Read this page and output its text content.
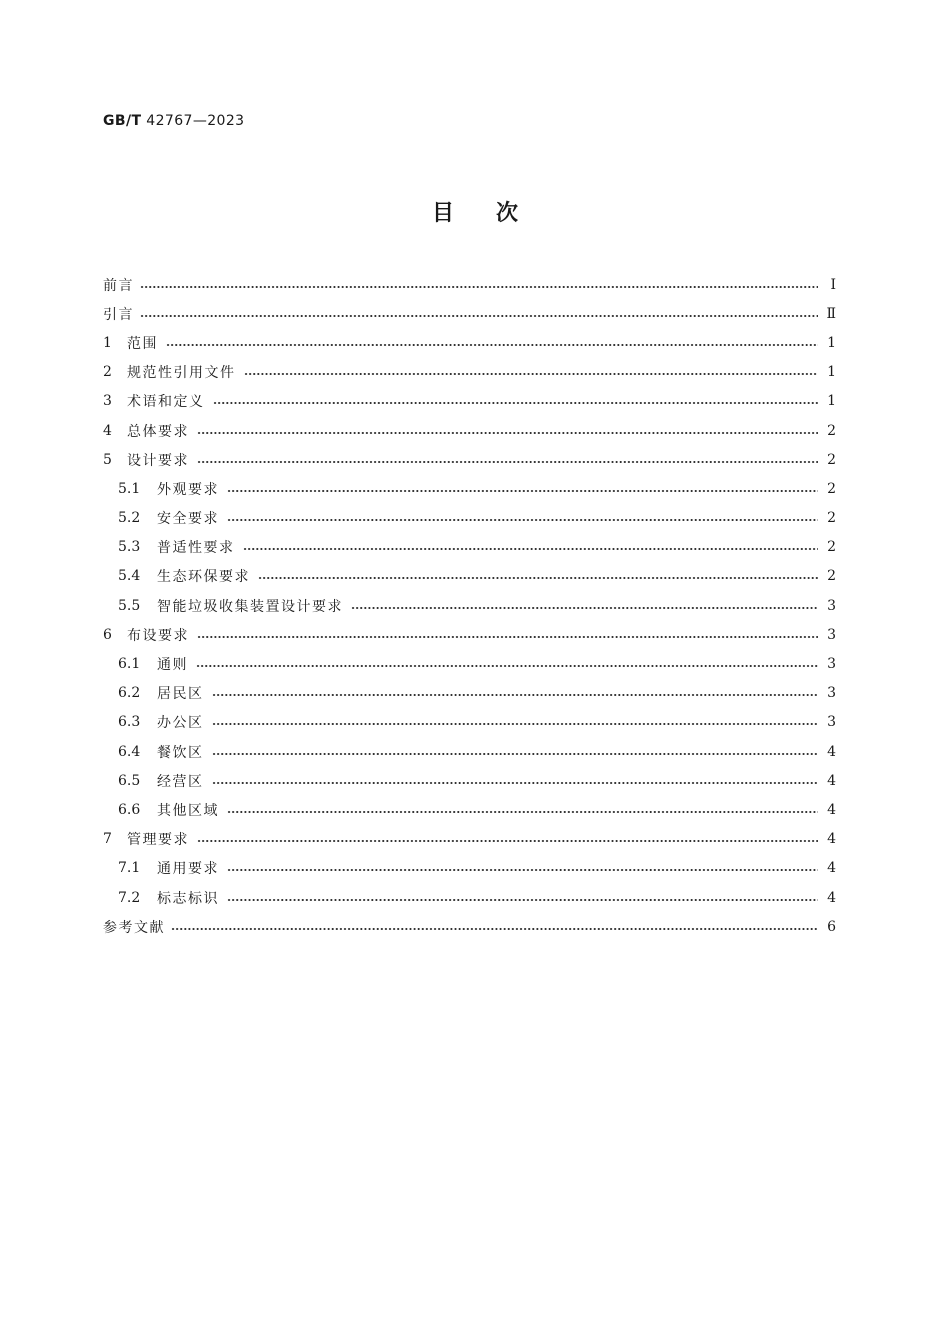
GB/T 42767—2023
目次
前言	Ⅰ
引言	Ⅱ
1	范围	1
2	规范性引用文件	1
3	术语和定义	1
4	总体要求	2
5	设计要求	2
5.1	外观要求	2
5.2	安全要求	2
5.3	普适性要求	2
5.4	生态环保要求	2
5.5	智能垃圾收集装置设计要求	3
6	布设要求	3
6.1	通则	3
6.2	居民区	3
6.3	办公区	3
6.4	餐饮区	4
6.5	经营区	4
6.6	其他区域	4
7	管理要求	4
7.1	通用要求	4
7.2	标志标识	4
参考文献	6
